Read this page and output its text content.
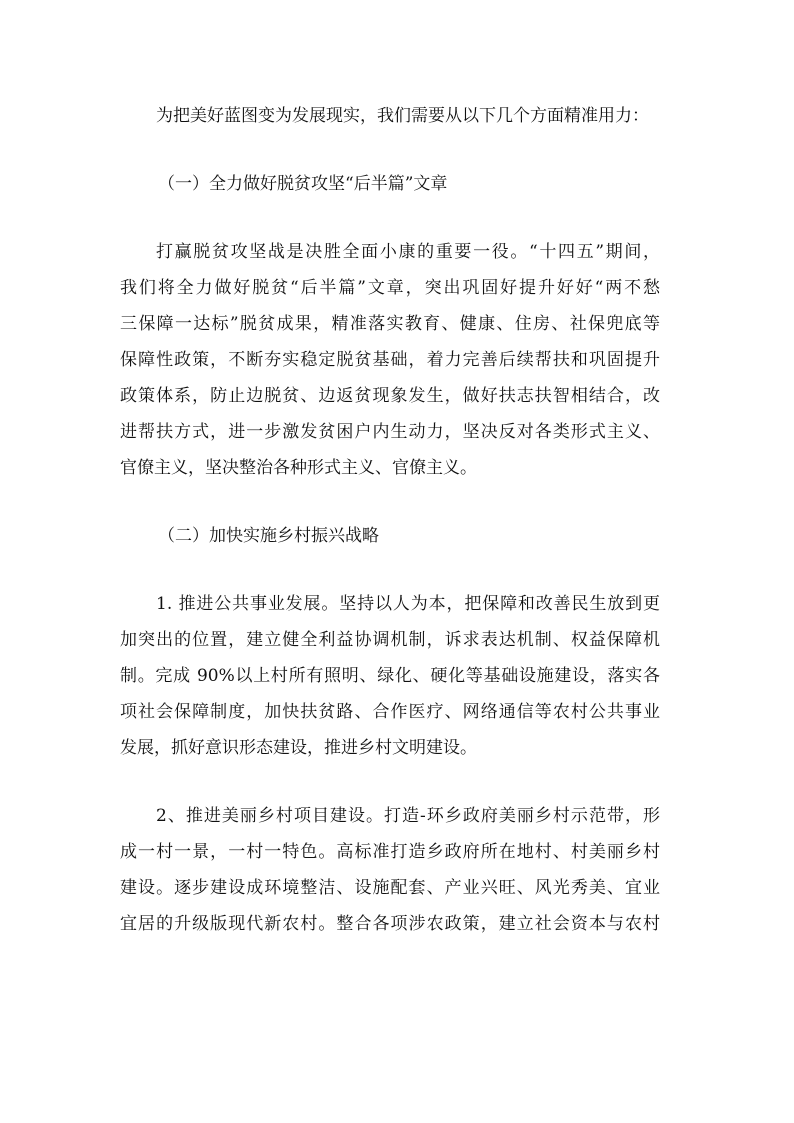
为把美好蓝图变为发展现实，我们需要从以下几个方面精准用力：

（一）全力做好脱贫攻坚“后半篇”文章

打赢脱贫攻坚战是决胜全面小康的重要一役。“十四五”期间，

我们将全力做好脱贫“后半篇”文章，突出巩固好提升好好“两不愁

三保障一达标”脱贫成果，精准落实教育、健康、住房、社保兜底等

保障性政策，不断夯实稳定脱贫基础，着力完善后续帮扶和巩固提升

政策体系，防止边脱贫、边返贫现象发生，做好扶志扶智相结合，改

进帮扶方式，进一步激发贫困户内生动力，坚决反对各类形式主义、

官僚主义，坚决整治各种形式主义、官僚主义。

（二）加快实施乡村振兴战略

1. 推进公共事业发展。坚持以人为本，把保障和改善民生放到更

加突出的位置，建立健全利益协调机制，诉求表达机制、权益保障机

制。完成 90%以上村所有照明、绿化、硬化等基础设施建设，落实各

项社会保障制度，加快扶贫路、合作医疗、网络通信等农村公共事业

发展，抓好意识形态建设，推进乡村文明建设。

2、推进美丽乡村项目建设。打造-环乡政府美丽乡村示范带，形

成一村一景，一村一特色。高标准打造乡政府所在地村、村美丽乡村

建设。逐步建设成环境整洁、设施配套、产业兴旺、风光秀美、宜业

宜居的升级版现代新农村。整合各项涉农政策，建立社会资本与农村
